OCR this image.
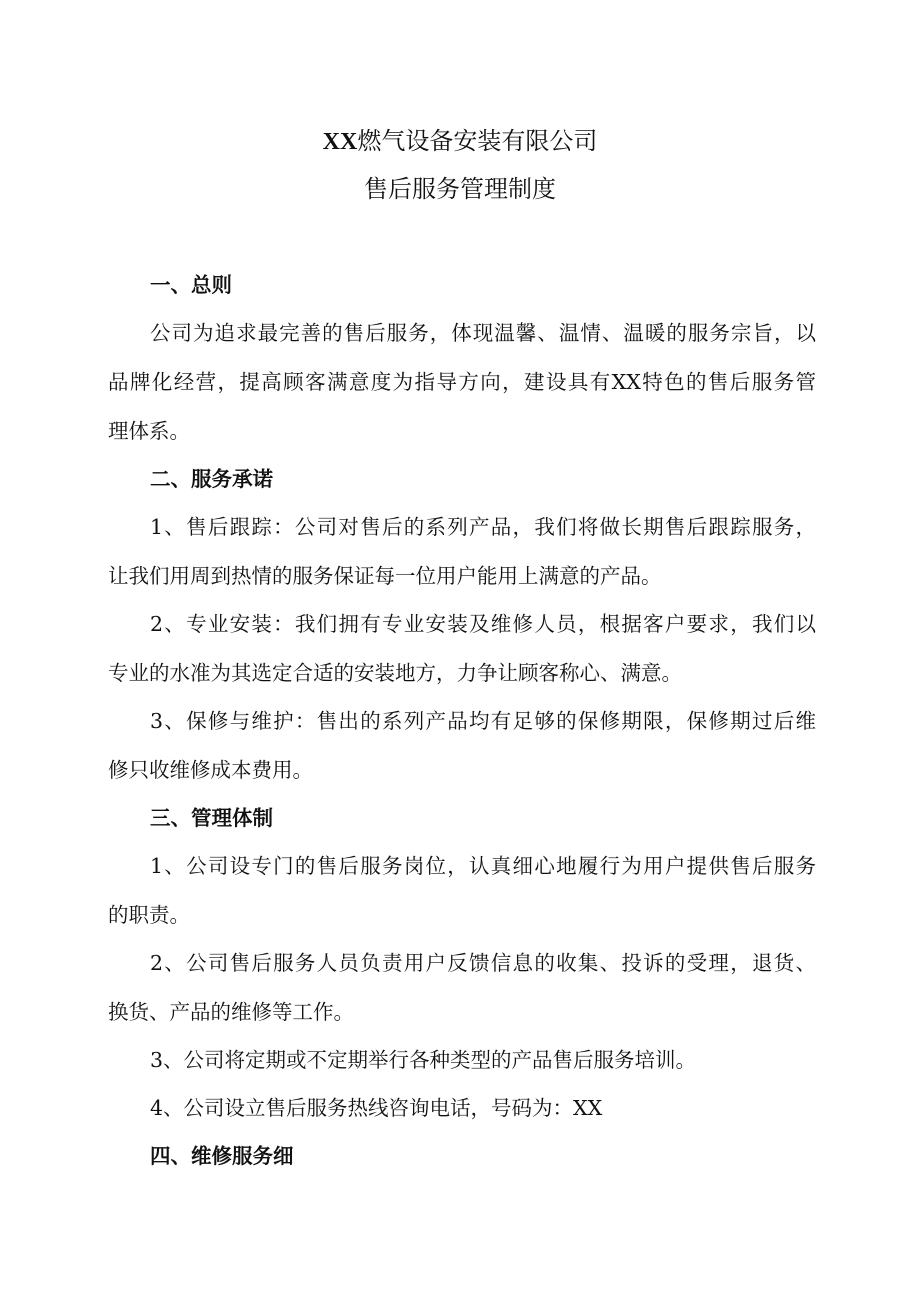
XX燃气设备安装有限公司
售后服务管理制度
一、总则
公司为追求最完善的售后服务，体现温馨、温情、温暖的服务宗旨，以
品牌化经营，提高顾客满意度为指导方向，建设具有XX特色的售后服务管
理体系。
二、服务承诺
1、售后跟踪：公司对售后的系列产品，我们将做长期售后跟踪服务，
让我们用周到热情的服务保证每一位用户能用上满意的产品。
2、专业安装：我们拥有专业安装及维修人员，根据客户要求，我们以
专业的水准为其选定合适的安装地方，力争让顾客称心、满意。
3、保修与维护：售出的系列产品均有足够的保修期限，保修期过后维
修只收维修成本费用。
三、管理体制
1、公司设专门的售后服务岗位，认真细心地履行为用户提供售后服务
的职责。
2、公司售后服务人员负责用户反馈信息的收集、投诉的受理，退货、
换货、产品的维修等工作。
3、公司将定期或不定期举行各种类型的产品售后服务培训。
4、公司设立售后服务热线咨询电话，号码为：XX
四、维修服务细
